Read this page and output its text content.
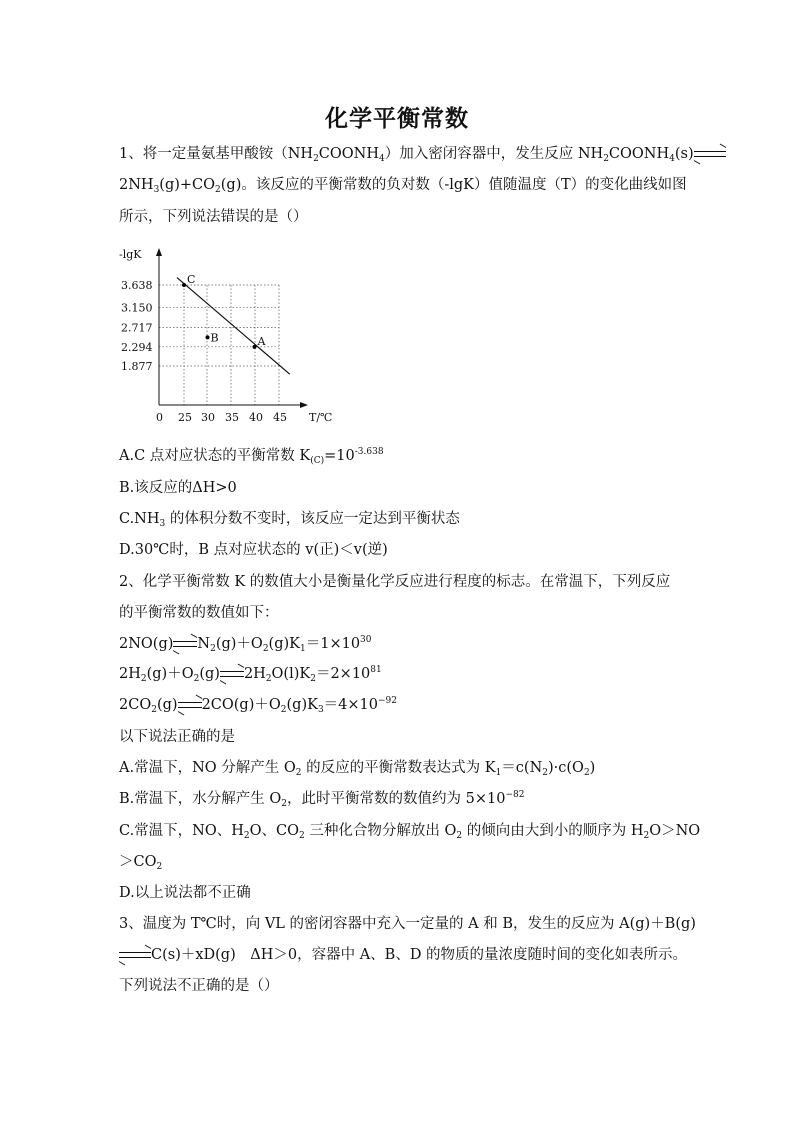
化学平衡常数
1、将一定量氨基甲酸铵$(NH_2COONH_4)$加入密闭容器中，发生反应 $NH_2COONH_4(s)$
$2NH_3(g)+CO_2(g)$。该反应的平衡常数的负对数（-lgK）值随温度（T）的变化曲线如图
所示，下列说法错误的是（）
-lgK
T/℃
3.638
3.150
2.717
2.294
1.877
0 25 30 35 40 45
C
B	A
A.C 点对应状态的平衡常数 $K_{(C)}=10^{-3.638}$
B.该反应的ΔH>0
$C.NH_3$ 的体积分数不变时，该反应一定达到平衡状态
D.30℃时，B 点对应状态的 v(正)＜v(逆)
2、化学平衡常数 K 的数值大小是衡量化学反应进行程度的标志。在常温下，下列反应
的平衡常数的数值如下：
2NO(g) $N_2(g)+O_2(g)K_1=1\times 10^{30}$
$2H_2(g)+O_2(g)$ $2H_2O(l)K_2=2\times 10^{81}$
$2CO_2(g)$ $2CO(g)+O_2(g)K_3=4\times 10^{-92}$
以下说法正确的是
A.常温下，NO 分解产生 $O_2$ 的反应的平衡常数表达式为 $K_1=c(N_2)\cdot c(O_2)$
B.常温下，水分解产生 $O_2$，此时平衡常数的数值约为 $5\times 10^{-82}$
C.常温下，NO、$H_2O$、$CO_2$ 三种化合物分解放出 $O_2$ 的倾向由大到小的顺序为 $H_2O>NO$
$>CO_2$
D.以上说法都不正确
3、温度为 T℃时，向 VL 的密闭容器中充入一定量的 A 和 B，发生的反应为 A(g)＋B(g)
C(s)＋xD(g)　ΔH＞0，容器中 A、B、D 的物质的量浓度随时间的变化如表所示。
下列说法不正确的是（）
